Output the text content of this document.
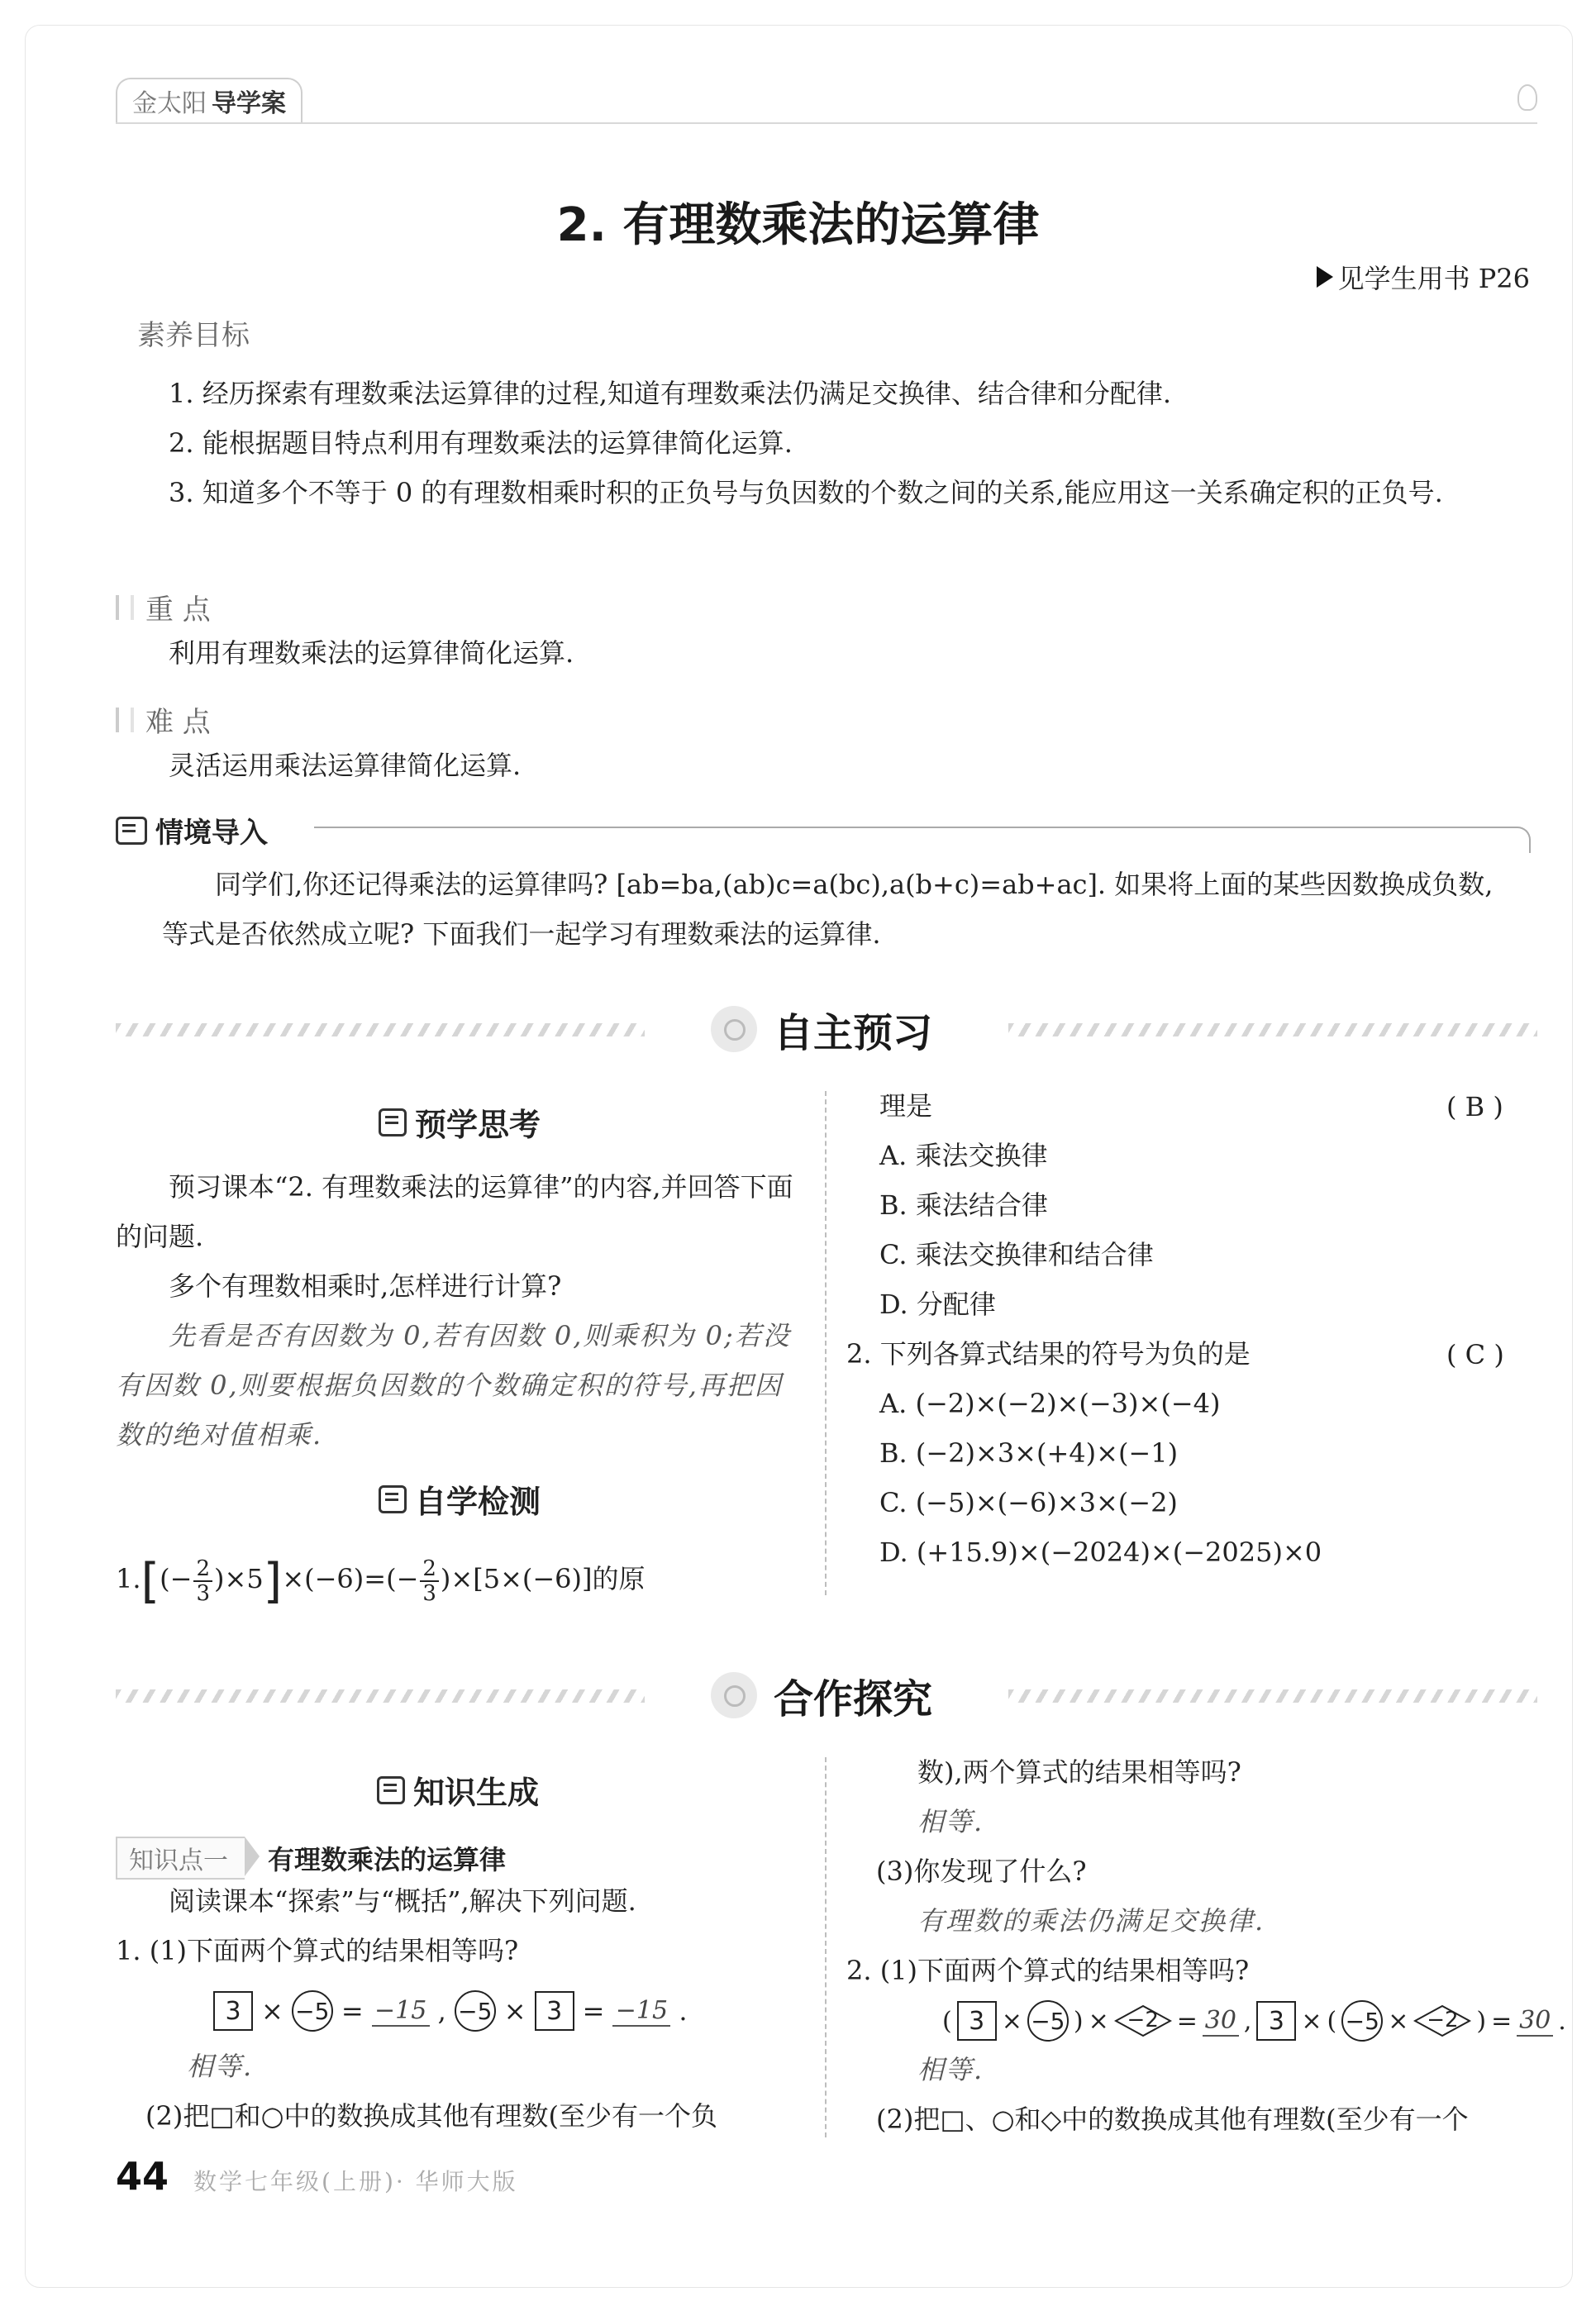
金太阳 导学案
2. 有理数乘法的运算律
见学生用书 P26
素养目标
1. 经历探索有理数乘法运算律的过程,知道有理数乘法仍满足交换律、结合律和分配律.
2. 能根据题目特点利用有理数乘法的运算律简化运算.
3. 知道多个不等于 0 的有理数相乘时积的正负号与负因数的个数之间的关系,能应用这一关系确定积的正负号.
重 点
利用有理数乘法的运算律简化运算.
难 点
灵活运用乘法运算律简化运算.
情境导入
同学们,你还记得乘法的运算律吗? [ab=ba,(ab)c=a(bc),a(b+c)=ab+ac]. 如果将上面的某些因数换成负数,等式是否依然成立呢? 下面我们一起学习有理数乘法的运算律.
自主预习
预学思考
预习课本“2. 有理数乘法的运算律”的内容,并回答下面的问题.
多个有理数相乘时,怎样进行计算?
先看是否有因数为 0,若有因数 0,则乘积为 0;若没有因数 0,则要根据负因数的个数确定积的符号,再把因数的绝对值相乘.
自学检测
$1.[(- \frac{2}{3} )\times 5]\times(-6)=(- \frac{2}{3} )\times[5\times(-6)]$的原
理是	( B )
A. 乘法交换律
B. 乘法结合律
C. 乘法交换律和结合律
D. 分配律
2. 下列各算式结果的符号为负的是	( C )
A. (−2)×(−2)×(−3)×(−4)
B. (−2)×3×(+4)×(−1)
C. (−5)×(−6)×3×(−2)
D. (+15.9)×(−2024)×(−2025)×0
合作探究
知识生成
知识点一	有理数乘法的运算律
阅读课本“探索”与“概括”,解决下列问题.
1. (1)下面两个算式的结果相等吗?
3 × −5 = −15 , −5 × 3 = −15 .
相等.
(2)把□和○中的数换成其他有理数(至少有一个负
数),两个算式的结果相等吗?
相等.
(3)你发现了什么?
有理数的乘法仍满足交换律.
2. (1)下面两个算式的结果相等吗?
( 3 × −5 ) × −2 = 30 , 3 × ( −5 × −2 ) = 30 .
相等.
(2)把□、○和◇中的数换成其他有理数(至少有一个
44 数学七年级(上册)· 华师大版
